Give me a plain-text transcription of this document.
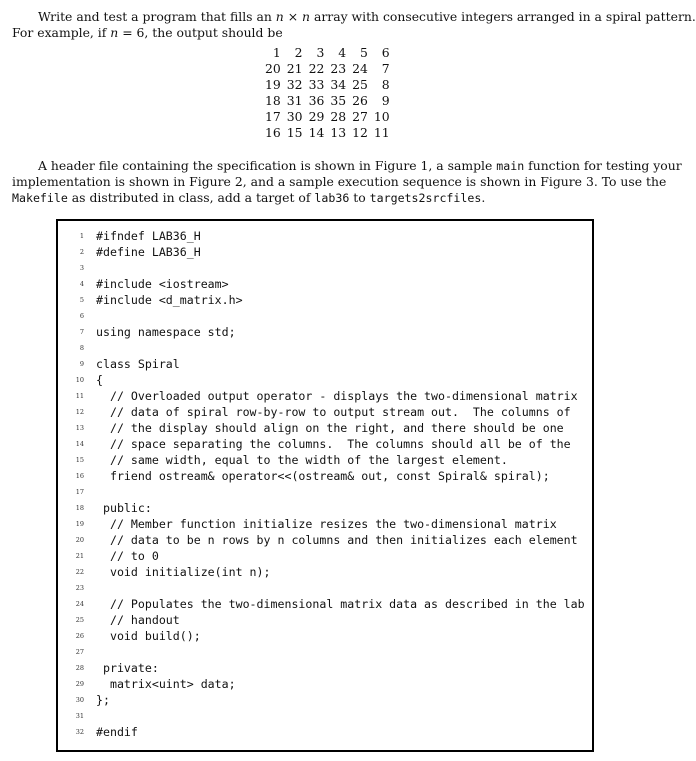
Write and test a program that fills an n × n array with consecutive integers arranged in a spiral pattern.
For example, if n = 6, the output should be
1	2	3	4	5	6
20	21	22	23	24	7
19	32	33	34	25	8
18	31	36	35	26	9
17	30	29	28	27	10
16	15	14	13	12	11
A header file containing the specification is shown in Figure 1, a sample main function for testing your
implementation is shown in Figure 2, and a sample execution sequence is shown in Figure 3. To use the
Makefile as distributed in class, add a target of lab36 to targets2srcfiles.
1 #ifndef LAB36_H
2 #define LAB36_H
3
4 #include <iostream>
5 #include <d_matrix.h>
6
7 using namespace std;
8
9 class Spiral
10 {
11 // Overloaded output operator - displays the two-dimensional matrix
12 // data of spiral row-by-row to output stream out.  The columns of
13 // the display should align on the right, and there should be one
14 // space separating the columns.  The columns should all be of the
15 // same width, equal to the width of the largest element.
16 friend ostream& operator<<(ostream& out, const Spiral& spiral);
17
18 public:
19 // Member function initialize resizes the two-dimensional matrix
20 // data to be n rows by n columns and then initializes each element
21 // to 0
22 void initialize(int n);
23
24 // Populates the two-dimensional matrix data as described in the lab
25 // handout
26 void build();
27
28 private:
29 matrix<uint> data;
30 };
31
32 #endif
